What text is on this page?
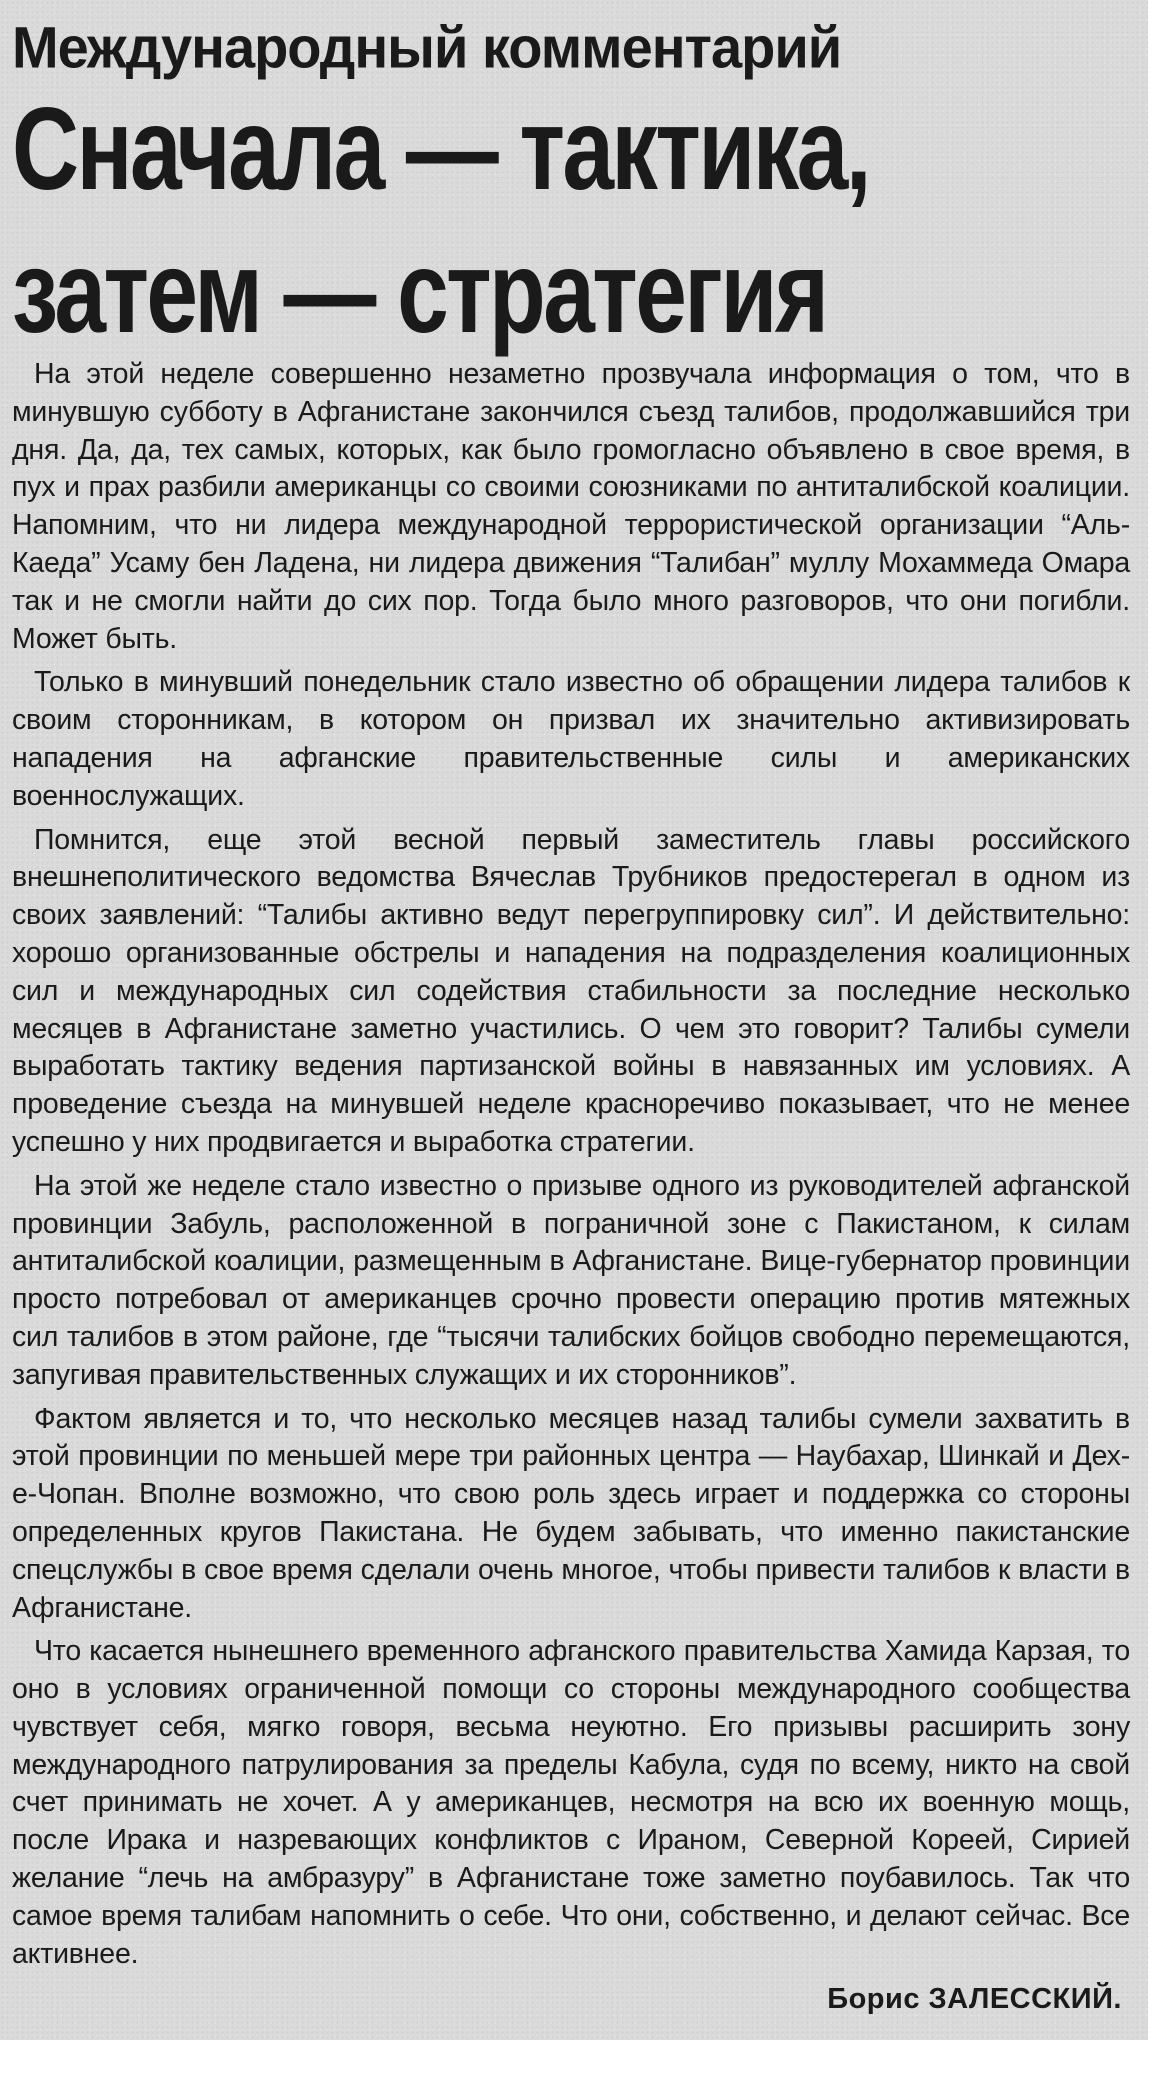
Международный комментарий
Сначала — тактика,
затем — стратегия

На этой неделе совершенно незаметно прозвучала информация о том, что в минувшую субботу в Афганистане закончился съезд талибов, продолжавшийся три дня. Да, да, тех самых, которых, как было громогласно объявлено в свое время, в пух и прах разбили американцы со своими союзниками по антиталибской коалиции. Напомним, что ни лидера международной террористической организации “Аль-Каеда” Усаму бен Ладена, ни лидера движения “Талибан” муллу Мохаммеда Омара так и не смогли найти до сих пор. Тогда было много разговоров, что они погибли. Может быть.

Только в минувший понедельник стало известно об обращении лидера талибов к своим сторонникам, в котором он призвал их значительно активизировать нападения на афганские правительственные силы и американских военнослужащих.

Помнится, еще этой весной первый заместитель главы российского внешнеполитического ведомства Вячеслав Трубников предостерегал в одном из своих заявлений: “Талибы активно ведут перегруппировку сил”. И действительно: хорошо организованные обстрелы и нападения на подразделения коалиционных сил и международных сил содействия стабильности за последние несколько месяцев в Афганистане заметно участились. О чем это говорит? Талибы сумели выработать тактику ведения партизанской войны в навязанных им условиях. А проведение съезда на минувшей неделе красноречиво показывает, что не менее успешно у них продвигается и выработка стратегии.

На этой же неделе стало известно о призыве одного из руководителей афганской провинции Забуль, расположенной в пограничной зоне с Пакистаном, к силам антиталибской коалиции, размещенным в Афганистане. Вице-губернатор провинции просто потребовал от американцев срочно провести операцию против мятежных сил талибов в этом районе, где “тысячи талибских бойцов свободно перемещаются, запугивая правительственных служащих и их сторонников”.

Фактом является и то, что несколько месяцев назад талибы сумели захватить в этой провинции по меньшей мере три районных центра — Наубахар, Шинкай и Дех-е-Чопан. Вполне возможно, что свою роль здесь играет и поддержка со стороны определенных кругов Пакистана. Не будем забывать, что именно пакистанские спецслужбы в свое время сделали очень многое, чтобы привести талибов к власти в Афганистане.

Что касается нынешнего временного афганского правительства Хамида Карзая, то оно в условиях ограниченной помощи со стороны международного сообщества чувствует себя, мягко говоря, весьма неуютно. Его призывы расширить зону международного патрулирования за пределы Кабула, судя по всему, никто на свой счет принимать не хочет. А у американцев, несмотря на всю их военную мощь, после Ирака и назревающих конфликтов с Ираном, Северной Кореей, Сирией желание “лечь на амбразуру” в Афганистане тоже заметно поубавилось. Так что самое время талибам напомнить о себе. Что они, собственно, и делают сейчас. Все активнее.

Борис ЗАЛЕССКИЙ.
